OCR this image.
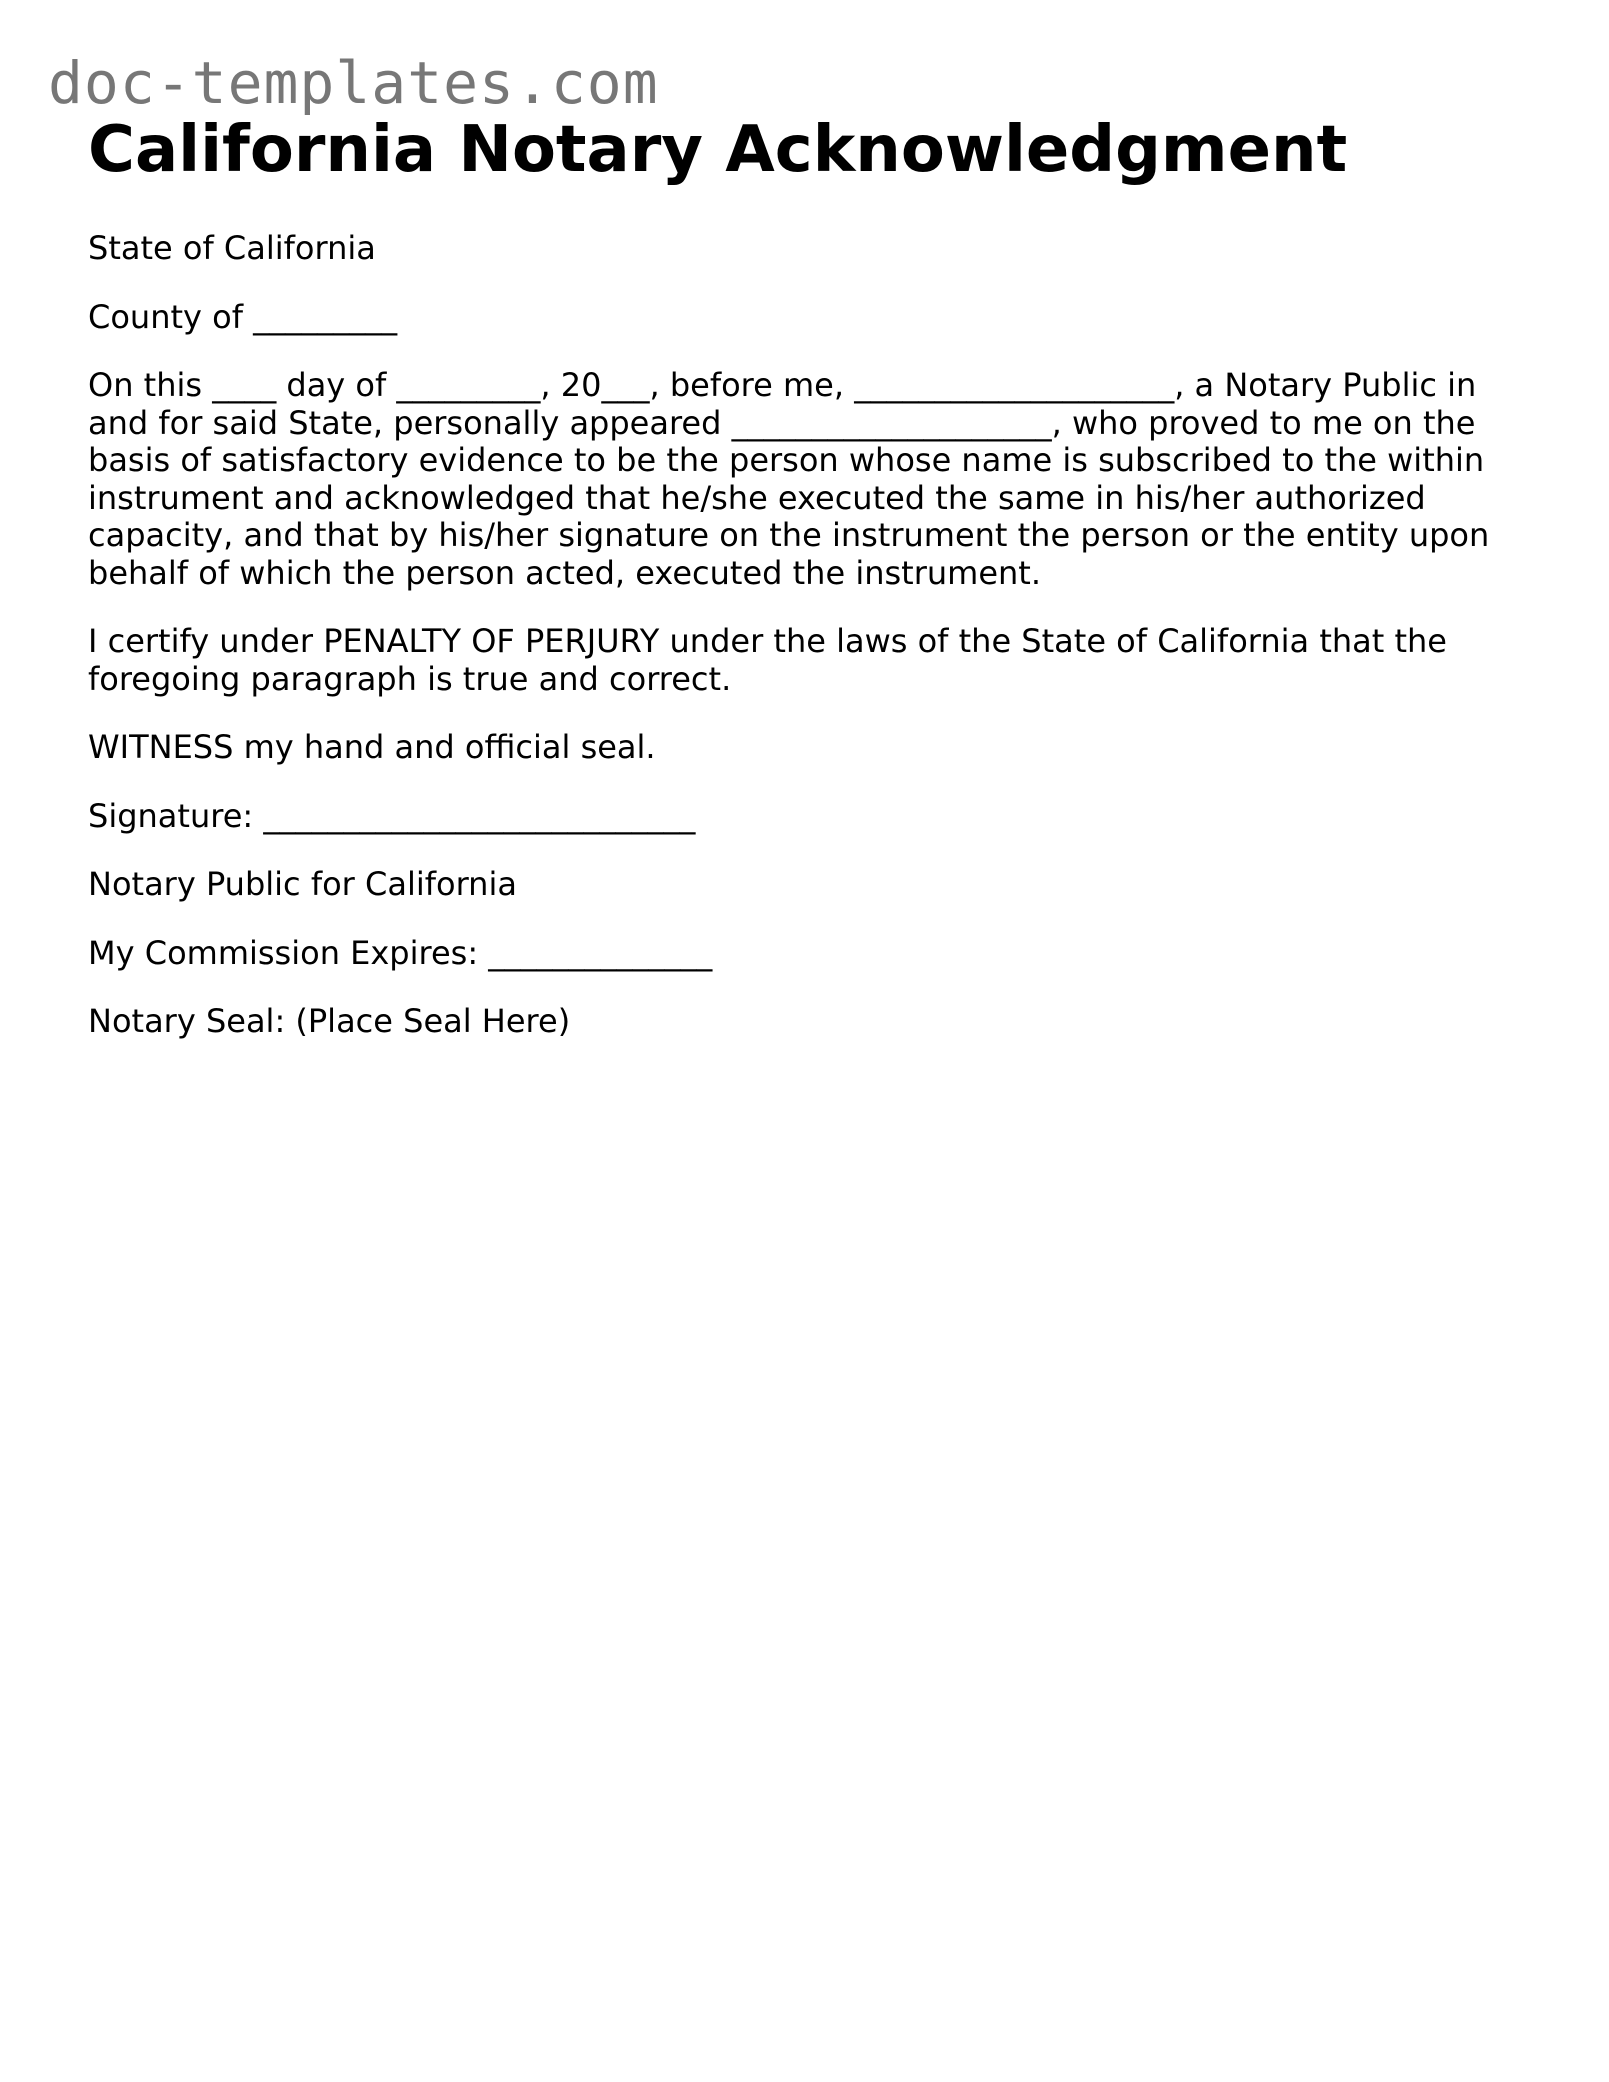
doc-templates.com
California Notary Acknowledgment

State of California

County of _________

On this ____ day of _________, 20___, before me, ____________________, a Notary Public in
and for said State, personally appeared ____________________, who proved to me on the
basis of satisfactory evidence to be the person whose name is subscribed to the within
instrument and acknowledged that he/she executed the same in his/her authorized
capacity, and that by his/her signature on the instrument the person or the entity upon
behalf of which the person acted, executed the instrument.

I certify under PENALTY OF PERJURY under the laws of the State of California that the
foregoing paragraph is true and correct.

WITNESS my hand and official seal.

Signature: ___________________________

Notary Public for California

My Commission Expires: ______________

Notary Seal: (Place Seal Here)
